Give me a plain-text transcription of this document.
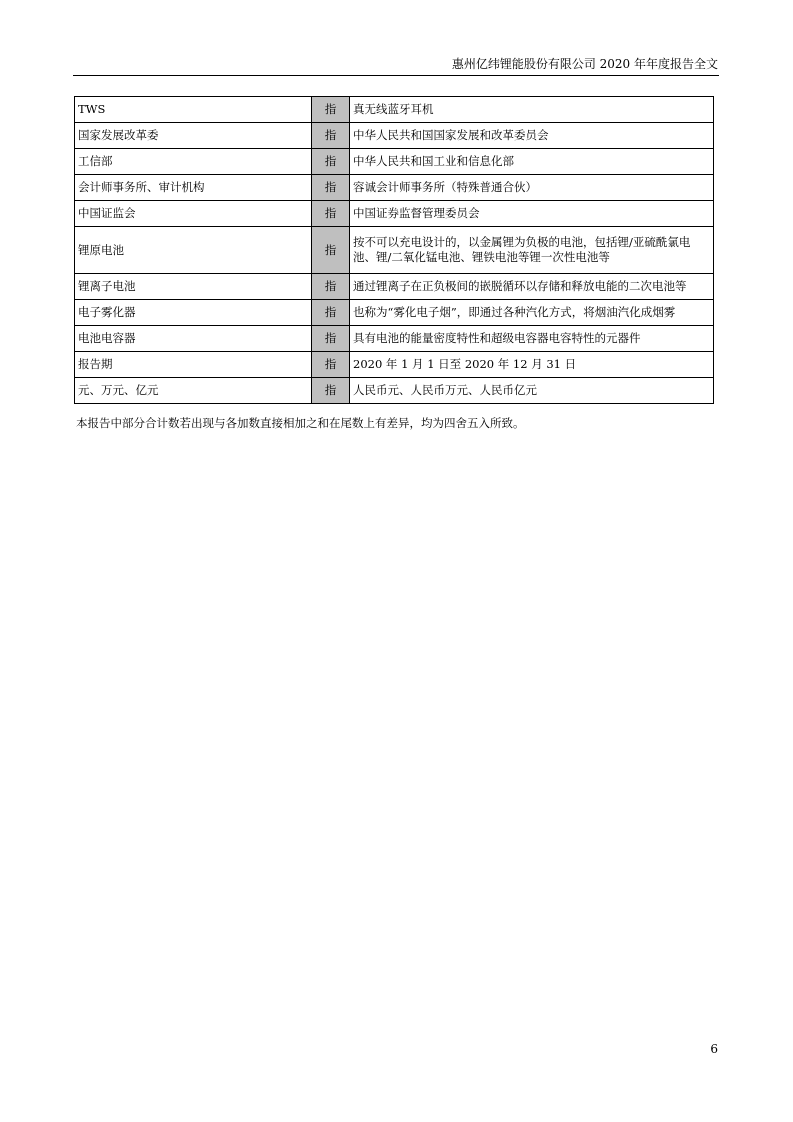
惠州亿纬锂能股份有限公司 2020 年年度报告全文
TWS	指	真无线蓝牙耳机
国家发展改革委	指	中华人民共和国国家发展和改革委员会
工信部	指	中华人民共和国工业和信息化部
会计师事务所、审计机构	指	容诚会计师事务所（特殊普通合伙）
中国证监会	指	中国证券监督管理委员会
锂原电池	指	按不可以充电设计的，以金属锂为负极的电池，包括锂/亚硫酰氯电池、锂/二氧化锰电池、锂铁电池等锂一次性电池等
锂离子电池	指	通过锂离子在正负极间的嵌脱循环以存储和释放电能的二次电池等
电子雾化器	指	也称为“雾化电子烟”，即通过各种汽化方式，将烟油汽化成烟雾
电池电容器	指	具有电池的能量密度特性和超级电容器电容特性的元器件
报告期	指	2020 年 1 月 1 日至 2020 年 12 月 31 日
元、万元、亿元	指	人民币元、人民币万元、人民币亿元
本报告中部分合计数若出现与各加数直接相加之和在尾数上有差异，均为四舍五入所致。
6
